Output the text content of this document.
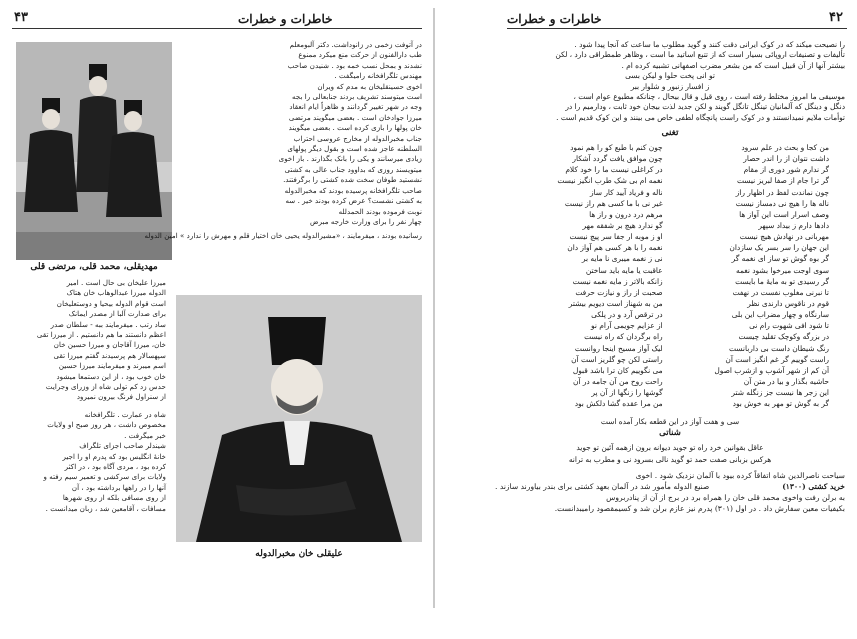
۴۳	خاطرات و خطرات

در آتوفت زخمی در زانوداشت. دکتر آلبومعلم

طب دارالفنون از حرکت منع میکرد ممنوع

نشدند و بمحل نسب خمه بود . شنیدن صاحب

مهندس تلگرافخانه رامیگفت .

اخوی حسینقلیخان به مدم که ویران

است میتوسند تشریف بردند جنابعالی را بجه

وجه در شهر تغییر گردانند و ظاهراً ایام انعقاد

میرزا جوادخان است . بعضی میگویند مرتضی

خان پولها را بازی کرده است . بعضی میگویند

جناب مخبرالدوله از مخارج عروسی احتراب

السلطنه عاجز شده است و بقول دیگر پولهای

زیادی میرسانند و یکی را بانک بگذارند . باز اخوی

میتویسند روزی که بداوود جناب عالی به کشتی

نشستید طوفان سخت شده کشتی را برگرفتند.

صاحب تلگرافخانه پرسیده بودند که مخبرالدوله

به کشتی نشست؟ عرض کرده بودند خیر . سه

نوبت فرموده بودند الحمدلله

چهار نفر را برای وزارت خارجه مبرض

رسانیده بودند ، میفرمایند ، «مشیرالدوله یحیی خان اختیار قلم و مهرش را ندارد » امین الدوله

مهدیقلی، محمد قلی، مرتضی قلی

میرزا علیخان بی حال است . امیر

الدوله میرزا عبدالوهاب خان هتاک

است قوام الدوله بیحیا و دوستعلیخان

برای صدارت آلبا از مصدر ایمانک

ساد رتب . میفرمایند ببه - سلطان صدر

اعظم دانستند ما هم دانستیم . از میرزا تقی

خان، میرزا آقاجان و میرزا حسین خان

سپهسالار هم پرسیدند گفتم میرزا تقی

اسم میبرند و میفرمایند میرزا حسین

خان خوب بود ، از این دستمعا میشود

حدس زد کم تولی شاه از وزرای وجرایت

از سنراول فرنگ بیرون نمیرود

شاه در عمارت . تلگرافخانه

مخصوص داشت ، هر روز صبح او ولایات

خبر میگرفت .

شیندلر صاحب اجزای تلگراف

خانهٔ انگلیس بود که پدرم او را اجیر

کرده بود ، مردی آگاه بود ، در اکثر

ولایات برای سرکشی و تعمیر سیم رفته و

آنها را در راهها برداشته بود ، آن

از روی مسافی بلکه از روی شهرها

مسافات ، آقامعین شد ، زبان میدانست .

علیقلی خان مخبرالدوله
۴۲
خاطرات و خطرات

را نصیحت میکند که در کوک ایرانی دقت کنند و گوید مطلوب ما ساعت که آنجا پیدا شود .

تألیفات و تصنیفات اروپائی بسیار است که از تتبع اساتید ما است ، وظاهر طمطراقی دارد ، لکن

بیشتر آنها از آن قبیل است که من بشعر مضرب اصفهانی تشبیه کرده ام .

تو انی پخت حلوا و لیکن بسی

ز افسار زنبور و شلوار ببر

موسیقی ما امروز مختلط رفته است ، روی قیل و قال بیحال ، چنانکه مطبوع عوام است ،

دنگل و دینگل که آلمانیان تینگل تانگل گویند و لکن جدید لذت بیجان خود ثابت ، ودارمیم را در

توأمات ملایم نمیدانستند و در کوک راست پانچگاه لطفی خاص می بینند و این کوک قدیم است .

تغنی
من کجا و بحث در علم سرود
چون کنم با طبع کو را هم نمود
داشت نتوان از را اندر حصار
چون موافق یافت گردد آشکار
گر ندارم شور دوری از مقام
در کراغلی نیست ما را خود کلام
گر ترا جام از صفا لبریز نیست
نغمه ام بی شک طرب انگیز نیست
چون نماندت لفظ در اظهار راز
ناله و فریاد آیید کار ساز
ناله ها را هیچ نی دمساز نیست
غیر نی با ما کسی هم راز نیست
وصف اسرار است این آواز ها
مرهم درد درون و راز ها
دادها دارم ز بیداد سپهر
گو ندارد هیچ بر شفقه مهر
مهربانی در نهادش هیچ نیست
او ز موبه ار جفا سر پیچ نیست
این جهان را سر بسر یک سازدان
نغمه را با هر کسی هم آواز دان
گر بوه گوش تو ساز ای نغمه گر
نی ز نغمه میبری نا مایه بر
سوی اوجت میرخوا بشود نغمه
عاقبت یا مایه باید ساختن
گر رسیدی تو به مایهٔ ما بایست
زانکه بالاتر ز مایه نغمه نیست
تا نبرنی مغلوب نفست در نهفت
صحبت از راز و نیازت حرفت
قوم در ناقوس دارندی نظر
من به شهناز است دیویم بیشتر
سارنگاه و چهار مضراب این بلی
در ترقص آرد و در پلکی
تا شود افی شهوت رام نی
از عزایم جویمی آرام نو
در بزرگه وکوچک تقلید چیست
راه برگردان که راه نیست
رنگ شیطان داست بی داربانست
لیک آواز مسیح اینجا روانست
راست گوییم گر غم انگیز است آن
راستی لکن چو گلریز است آن
آن کم از شهر آشوب و ازشرب اصول
می نگوییم کان ترا باشد قبول
حاشیه بگذار و بیا در متن آن
راحت روح من آن جامه در آن
این زجر ها نیست جز زنگله شتر
گوشها را زنگها از آن پر
گر به گوش تو مهر به خوش بود
من مرا عقده گشا دلکش بود
سی و هفت آواز در این قطعه بکار آمده است
شناتی
عاقل بقوانین خرد راه تو جوید دیوانه برون ازهمه آئین تو جوید
هرکس بزبانی صفت حمد تو گوید نالی بسرود نی و مطرب به ترانه
سیاحت ناصرالدین شاه اتفاقاً کرده بیود با آلمان نزدیک شود . اخوی
خرید کشتی (۱۳۰۰)
صنیع الدوله مأمور شد در آلمان بعهد کشتی برای بندر بیاورند سازند .
به برلن رفت واخوی محمد قلی خان را همراه برد در برج از آن از پنادربروس
بکیفیات معین سفارش داد . در اول (۳۰۱) پدرم نیز عازم برلن شد و کسیمقصود رامیبدانست.
